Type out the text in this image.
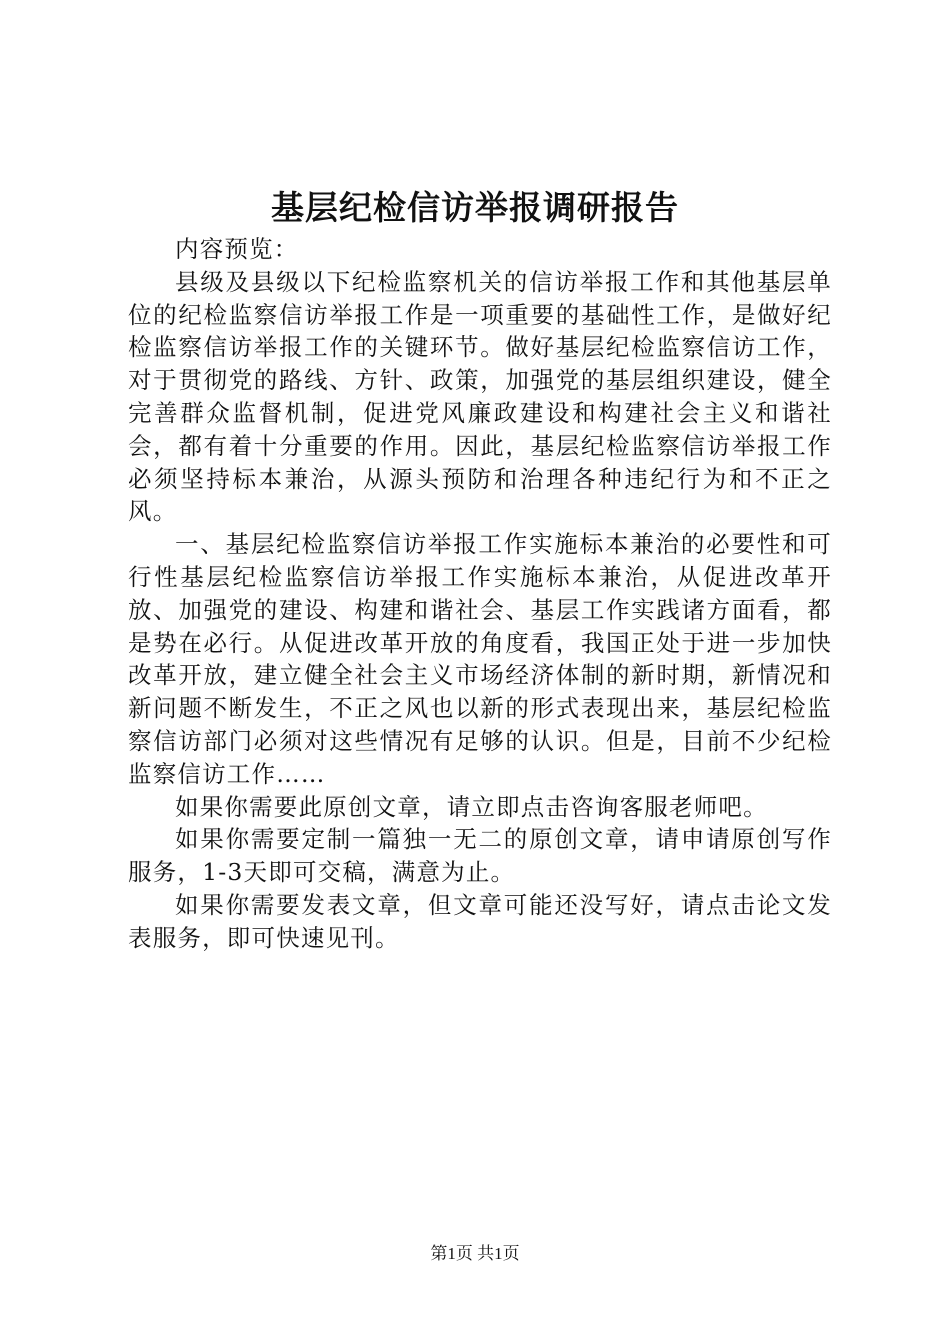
基层纪检信访举报调研报告

内容预览：

县级及县级以下纪检监察机关的信访举报工作和其他基层单位的纪检监察信访举报工作是一项重要的基础性工作，是做好纪检监察信访举报工作的关键环节。做好基层纪检监察信访工作，对于贯彻党的路线、方针、政策，加强党的基层组织建设，健全完善群众监督机制，促进党风廉政建设和构建社会主义和谐社会，都有着十分重要的作用。因此，基层纪检监察信访举报工作必须坚持标本兼治，从源头预防和治理各种违纪行为和不正之风。

一、基层纪检监察信访举报工作实施标本兼治的必要性和可行性基层纪检监察信访举报工作实施标本兼治，从促进改革开放、加强党的建设、构建和谐社会、基层工作实践诸方面看，都是势在必行。从促进改革开放的角度看，我国正处于进一步加快改革开放，建立健全社会主义市场经济体制的新时期，新情况和新问题不断发生，不正之风也以新的形式表现出来，基层纪检监察信访部门必须对这些情况有足够的认识。但是，目前不少纪检监察信访工作……

如果你需要此原创文章，请立即点击咨询客服老师吧。

如果你需要定制一篇独一无二的原创文章，请申请原创写作服务，1-3天即可交稿，满意为止。

如果你需要发表文章，但文章可能还没写好，请点击论文发表服务，即可快速见刊。

第1页 共1页
